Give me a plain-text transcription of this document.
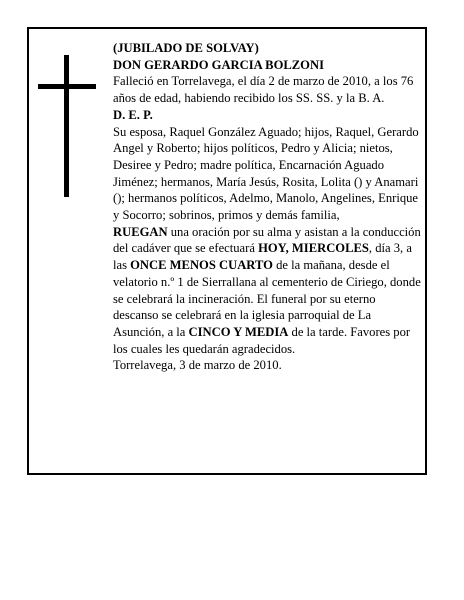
(JUBILADO DE SOLVAY)

DON GERARDO GARCIA BOLZONI

Falleció en Torrelavega, el día 2 de marzo de 2010, a los 76 años de edad, habiendo recibido los SS. SS. y la B. A.

D. E. P.

Su esposa, Raquel González Aguado; hijos, Raquel, Gerardo Angel y Roberto; hijos políticos, Pedro y Alicia; nietos, Desiree y Pedro; madre política, Encarnación Aguado Jiménez; hermanos, María Jesús, Rosita, Lolita () y Anamari (); hermanos políticos, Adelmo, Manolo, Angelines, Enrique y Socorro; sobrinos, primos y demás familia,

RUEGAN una oración por su alma y asistan a la conducción del cadáver que se efectuará HOY, MIERCOLES, día 3, a las ONCE MENOS CUARTO de la mañana, desde el velatorio n.º 1 de Sierrallana al cementerio de Ciriego, donde se celebrará la incineración. El funeral por su eterno descanso se celebrará en la iglesia parroquial de La Asunción, a la CINCO Y MEDIA de la tarde. Favores por los cuales les quedarán agradecidos.

Torrelavega, 3 de marzo de 2010.
